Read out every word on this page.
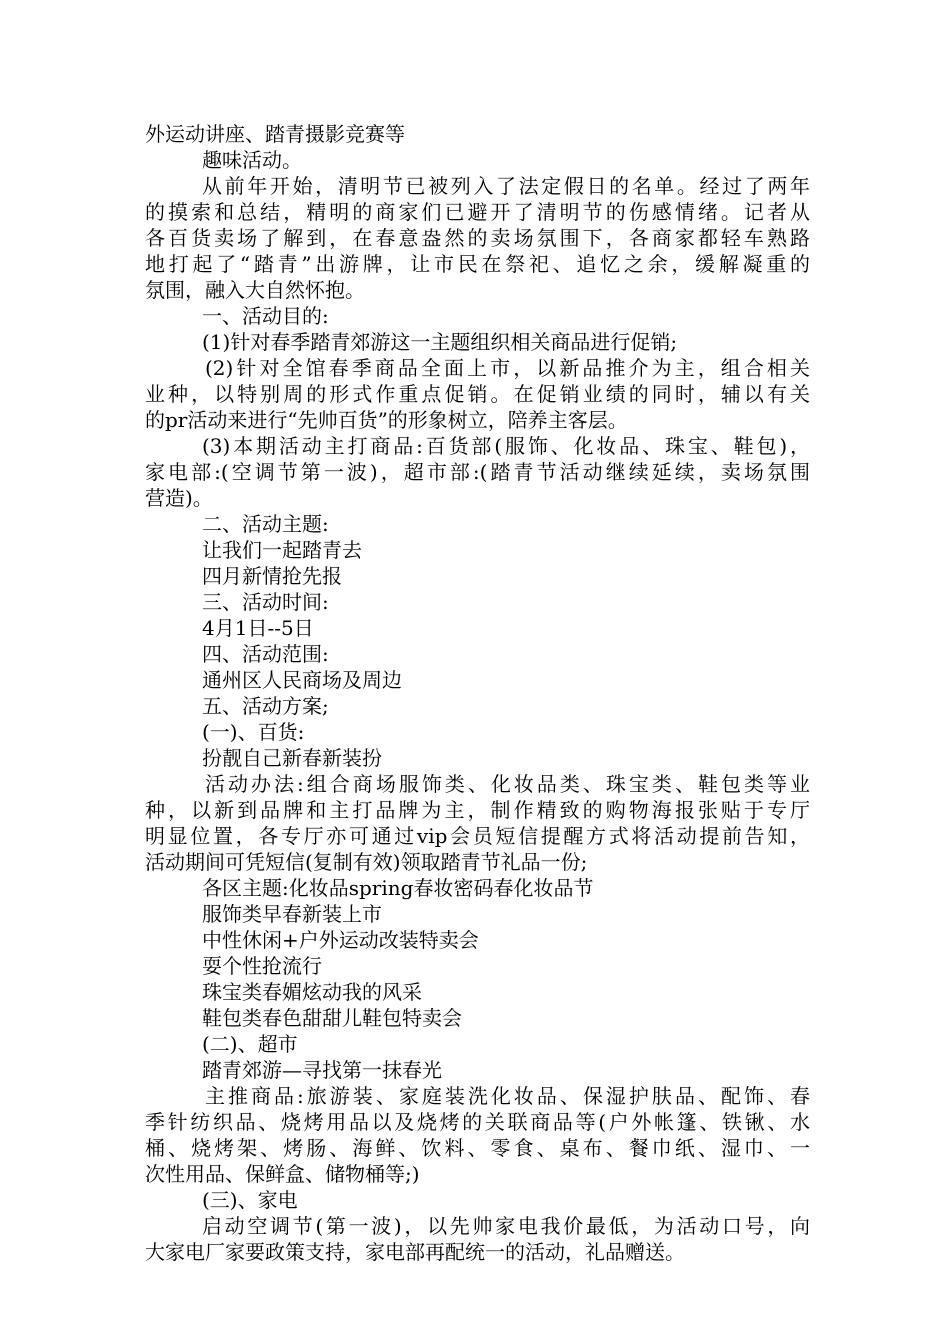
外运动讲座、踏青摄影竞赛等
趣味活动。
从前年开始，清明节已被列入了法定假日的名单。经过了两年
的摸索和总结，精明的商家们已避开了清明节的伤感情绪。记者从
各百货卖场了解到，在春意盎然的卖场氛围下，各商家都轻车熟路
地打起了“踏青”出游牌，让市民在祭祀、追忆之余，缓解凝重的
氛围，融入大自然怀抱。
一、活动目的:
(1)针对春季踏青郊游这一主题组织相关商品进行促销;
(2)针对全馆春季商品全面上市，以新品推介为主，组合相关
业种，以特别周的形式作重点促销。在促销业绩的同时，辅以有关
的pr活动来进行“先帅百货”的形象树立，陪养主客层。
(3)本期活动主打商品:百货部(服饰、化妆品、珠宝、鞋包)，
家电部:(空调节第一波)，超市部:(踏青节活动继续延续，卖场氛围
营造)。
二、活动主题:
让我们一起踏青去
四月新情抢先报
三、活动时间:
4月1日--5日
四、活动范围:
通州区人民商场及周边
五、活动方案;
(一)、百货:
扮靓自己新春新装扮
活动办法:组合商场服饰类、化妆品类、珠宝类、鞋包类等业
种，以新到品牌和主打品牌为主，制作精致的购物海报张贴于专厅
明显位置，各专厅亦可通过vip会员短信提醒方式将活动提前告知，
活动期间可凭短信(复制有效)领取踏青节礼品一份;
各区主题:化妆品spring春妆密码春化妆品节
服饰类早春新装上市
中性休闲+户外运动改装特卖会
耍个性抢流行
珠宝类春媚炫动我的风采
鞋包类春色甜甜儿鞋包特卖会
(二)、超市
踏青郊游—寻找第一抹春光
主推商品:旅游装、家庭装洗化妆品、保湿护肤品、配饰、春
季针纺织品、烧烤用品以及烧烤的关联商品等(户外帐篷、铁锹、水
桶、烧烤架、烤肠、海鲜、饮料、零食、桌布、餐巾纸、湿巾、一
次性用品、保鲜盒、储物桶等;)
(三)、家电
启动空调节(第一波)，以先帅家电我价最低，为活动口号，向
大家电厂家要政策支持，家电部再配统一的活动，礼品赠送。
